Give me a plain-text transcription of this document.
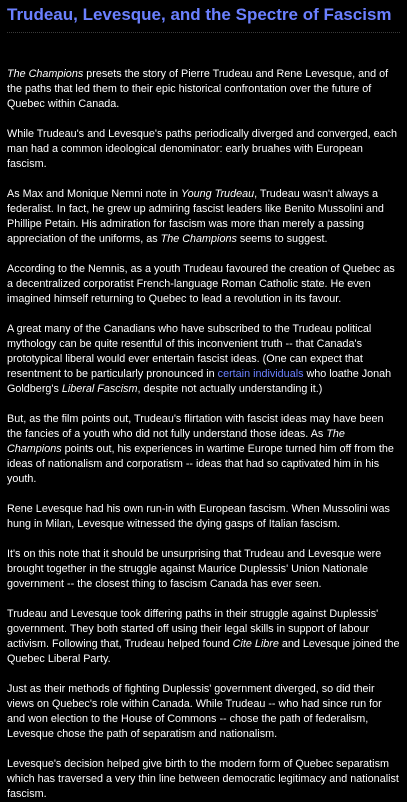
Trudeau, Levesque, and the Spectre of Fascism

The Champions presets the story of Pierre Trudeau and Rene Levesque, and of the paths that led them to their epic historical confrontation over the future of Quebec within Canada.

While Trudeau's and Levesque's paths periodically diverged and converged, each man had a common ideological denominator: early bruahes with European fascism.

As Max and Monique Nemni note in Young Trudeau, Trudeau wasn't always a federalist. In fact, he grew up admiring fascist leaders like Benito Mussolini and Phillipe Petain. His admiration for fascism was more than merely a passing appreciation of the uniforms, as The Champions seems to suggest.

According to the Nemnis, as a youth Trudeau favoured the creation of Quebec as a decentralized corporatist French-language Roman Catholic state. He even imagined himself returning to Quebec to lead a revolution in its favour.

A great many of the Canadians who have subscribed to the Trudeau political mythology can be quite resentful of this inconvenient truth -- that Canada's prototypical liberal would ever entertain fascist ideas. (One can expect that resentment to be particularly pronounced in certain individuals who loathe Jonah Goldberg's Liberal Fascism, despite not actually understanding it.)

But, as the film points out, Trudeau's flirtation with fascist ideas may have been the fancies of a youth who did not fully understand those ideas. As The Champions points out, his experiences in wartime Europe turned him off from the ideas of nationalism and corporatism -- ideas that had so captivated him in his youth.

Rene Levesque had his own run-in with European fascism. When Mussolini was hung in Milan, Levesque witnessed the dying gasps of Italian fascism.

It's on this note that it should be unsurprising that Trudeau and Levesque were brought together in the struggle against Maurice Duplessis' Union Nationale government -- the closest thing to fascism Canada has ever seen.

Trudeau and Levesque took differing paths in their struggle against Duplessis' government. They both started off using their legal skills in support of labour activism. Following that, Trudeau helped found Cite Libre and Levesque joined the Quebec Liberal Party.

Just as their methods of fighting Duplessis' government diverged, so did their views on Quebec's role within Canada. While Trudeau -- who had since run for and won election to the House of Commons -- chose the path of federalism, Levesque chose the path of separatism and nationalism.

Levesque's decision helped give birth to the modern form of Quebec separatism which has traversed a very thin line between democratic legitimacy and nationalist fascism.
